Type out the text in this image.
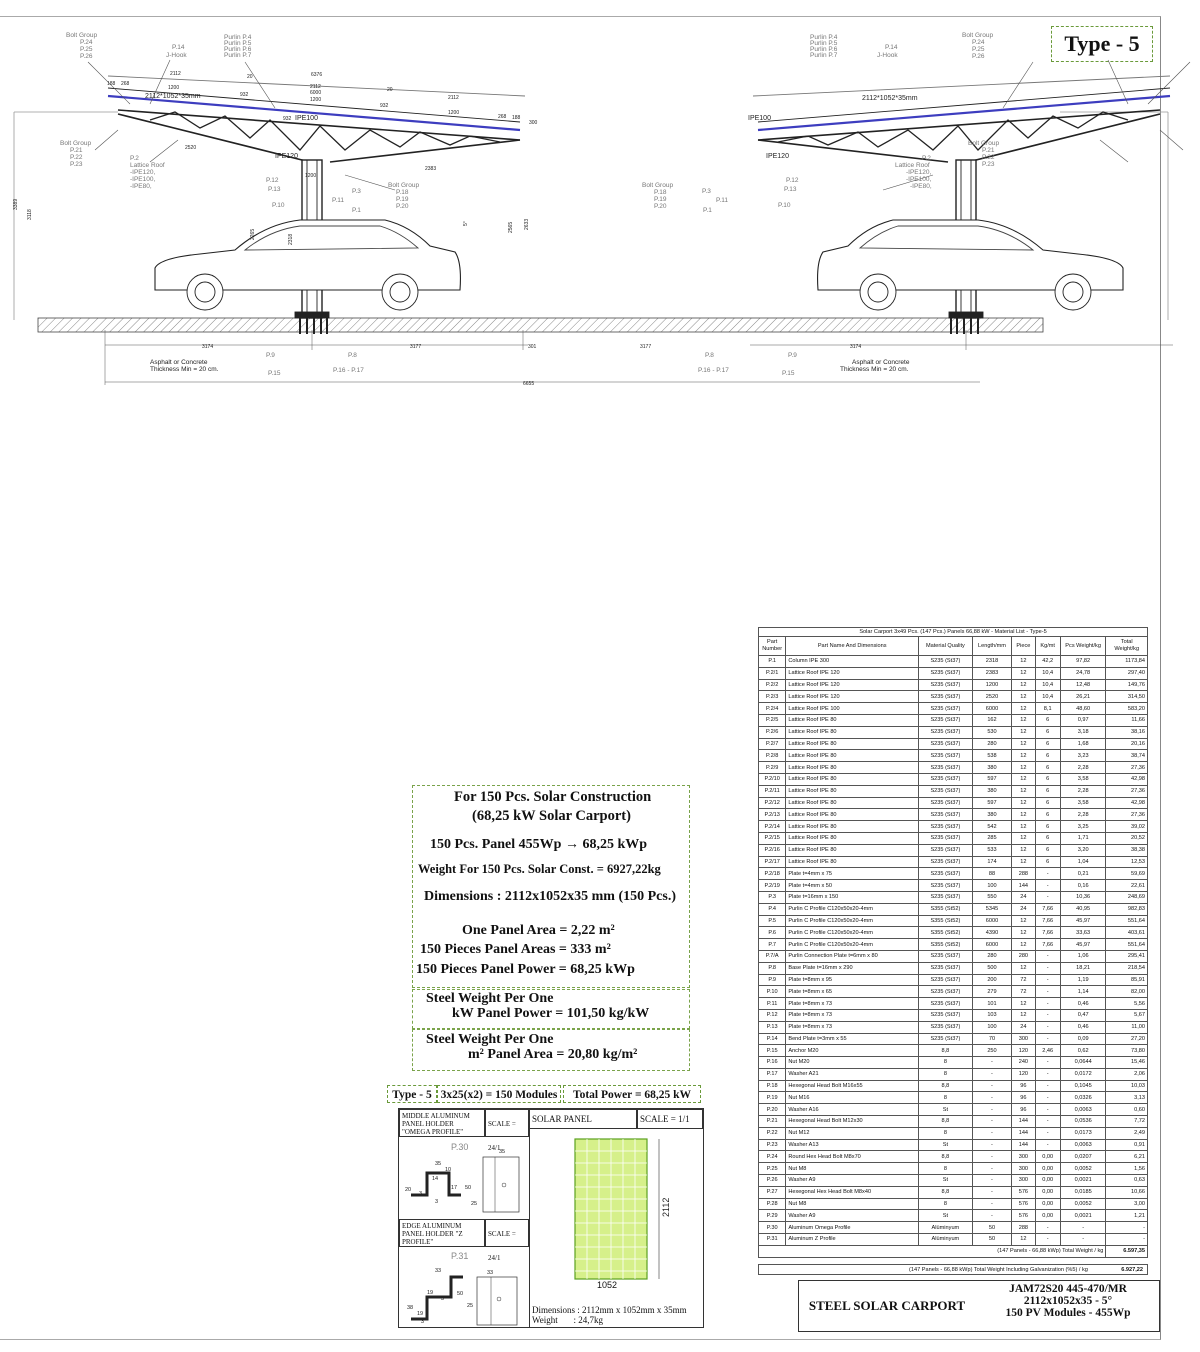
Type - 5
Bolt Group P.24 P.25 P.26
Purlin P.4 Purlin P.5 Purlin P.6 Purlin P.7
P.14 J-Hook
Bolt Group P.21 P.22 P.23
P.2 Lattice Roof -IPE120, -IPE100, -IPE80,	Bolt Group P.18 P.19 P.20
P.12
P.13	P.3
P.1
P.11
P.10
P.9
P.15
P.8
P.16 - P.17
Asphalt or Concrete Thickness Min = 20 cm.
2112*1052*35mm
IPE100
IPE120
6376
2112
2112
1200
2112
6000
1200
1200
932
932
932
20
20
268
188
268 188
300
2520
2383
1200
3118
3389
2318
2633
2565
2265
5°
3174	3177	301	3177	3174
6655
Bolt Group P.24 P.25 P.26
Purlin P.4 Purlin P.5 Purlin P.6 Purlin P.7
P.14 J-Hook
Bolt Group P.21 P.22 P.23
P.2 Lattice Roof -IPE120, -IPE100, -IPE80,
Bolt Group P.18 P.19 P.20
P.12
P.13
P.3
P.1
P.11
P.10
P.8	P.9
P.16 - P.17	P.15
Asphalt or Concrete Thickness Min = 20 cm.
2112*1052*35mm
IPE100
IPE120
For 150 Pcs. Solar Construction
(68,25 kW Solar Carport)
150 Pcs. Panel 455Wp → 68,25 kWp
Weight For 150 Pcs. Solar Const. = 6927,22kg
Dimensions : 2112x1052x35 mm (150 Pcs.)
One Panel Area = 2,22 m²
150 Pieces Panel Areas = 333 m²
150 Pieces Panel Power = 68,25 kWp
Steel Weight Per One
kW Panel Power = 101,50 kg/kW
Steel Weight Per One
m² Panel Area = 20,80 kg/m²
Type - 5 3x25(x2) = 150 Modules	Total Power = 68,25 kW
MIDDLE ALUMINUM PANEL HOLDER "OMEGA PROFILE"
SCALE = 24/1
EDGE ALUMINUM PANEL HOLDER "Z PROFILE"
SCALE = 24/1
SOLAR PANEL	SCALE = 1/1
P.30
35
35
10
14
20
3
17 50
3	25
P.31
33	33
19
3
38
19
3
50
25
2112
1052
Dimensions : 2112mm x 1052mm x 35mm
Weight       : 24,7kg
Solar Carport 3x49 Pcs. (147 Pcs.) Panels 66,88 kW - Material List - Type-5
Part Number	Part Name And Dimensions	Material Quality	Length/mm	Piece	Kg/mt	Pcs Weight/kg	Total Weight/kg
P.1	Column IPE 300	S235 (St37)	2318	12	42,2	97,82	1173,84
P.2/1	Lattice Roof IPE 120	S235 (St37)	2383	12	10,4	24,78	297,40
P.2/2	Lattice Roof IPE 120	S235 (St37)	1200	12	10,4	12,48	149,76
P.2/3	Lattice Roof IPE 120	S235 (St37)	2520	12	10,4	26,21	314,50
P.2/4	Lattice Roof IPE 100	S235 (St37)	6000	12	8,1	48,60	583,20
P.2/5	Lattice Roof IPE 80	S235 (St37)	162	12	6	0,97	11,66
P.2/6	Lattice Roof IPE 80	S235 (St37)	530	12	6	3,18	38,16
P.2/7	Lattice Roof IPE 80	S235 (St37)	280	12	6	1,68	20,16
P.2/8	Lattice Roof IPE 80	S235 (St37)	538	12	6	3,23	38,74
P.2/9	Lattice Roof IPE 80	S235 (St37)	380	12	6	2,28	27,36
P.2/10	Lattice Roof IPE 80	S235 (St37)	597	12	6	3,58	42,98
P.2/11	Lattice Roof IPE 80	S235 (St37)	380	12	6	2,28	27,36
P.2/12	Lattice Roof IPE 80	S235 (St37)	597	12	6	3,58	42,98
P.2/13	Lattice Roof IPE 80	S235 (St37)	380	12	6	2,28	27,36
P.2/14	Lattice Roof IPE 80	S235 (St37)	542	12	6	3,25	39,02
P.2/15	Lattice Roof IPE 80	S235 (St37)	285	12	6	1,71	20,52
P.2/16	Lattice Roof IPE 80	S235 (St37)	533	12	6	3,20	38,38
P.2/17	Lattice Roof IPE 80	S235 (St37)	174	12	6	1,04	12,53
P.2/18	Plate t=4mm x 75	S235 (St37)	88	288	-	0,21	59,69
P.2/19	Plate t=4mm x 50	S235 (St37)	100	144	-	0,16	22,61
P.3	Plate t=16mm x 150	S235 (St37)	550	24	-	10,36	248,69
P.4	Purlin C Profile C120x50x20-4mm	S355 (St52)	5345	24	7,66	40,95	982,83
P.5	Purlin C Profile C120x50x20-4mm	S355 (St52)	6000	12	7,66	45,97	551,64
P.6	Purlin C Profile C120x50x20-4mm	S355 (St52)	4390	12	7,66	33,63	403,61
P.7	Purlin C Profile C120x50x20-4mm	S355 (St52)	6000	12	7,66	45,97	551,64
P.7/A	Purlin Connection Plate t=6mm x 80	S235 (St37)	280	280	-	1,06	295,41
P.8	Base Plate t=16mm x 290	S235 (St37)	500	12	-	18,21	218,54
P.9	Plate t=8mm x 95	S235 (St37)	200	72	-	1,19	85,91
P.10	Plate t=8mm x 65	S235 (St37)	279	72	-	1,14	82,00
P.11	Plate t=8mm x 73	S235 (St37)	101	12	-	0,46	5,56
P.12	Plate t=8mm x 73	S235 (St37)	103	12	-	0,47	5,67
P.13	Plate t=8mm x 73	S235 (St37)	100	24	-	0,46	11,00
P.14	Bend Plate t=3mm x 55	S235 (St37)	70	300	-	0,09	27,20
P.15	Anchor M20	8,8	250	120	2,46	0,62	73,80
P.16	Nut M20	8	-	240	-	0,0644	15,46
P.17	Washer A21	8	-	120	-	0,0172	2,06
P.18	Hexegonal Head Bolt M16x55	8,8	-	96	-	0,1045	10,03
P.19	Nut M16	8	-	96	-	0,0326	3,13
P.20	Washer A16	St	-	96	-	0,0063	0,60
P.21	Hexegonal Head Bolt M12x30	8,8	-	144	-	0,0536	7,72
P.22	Nut M12	8	-	144	-	0,0173	2,49
P.23	Washer A13	St	-	144	-	0,0063	0,91
P.24	Round Hex Head Bolt M8x70	8,8	-	300	0,00	0,0207	6,21
P.25	Nut M8	8	-	300	0,00	0,0052	1,56
P.26	Washer A9	St	-	300	0,00	0,0021	0,63
P.27	Hexegonal Hex Head Bolt M8x40	8,8	-	576	0,00	0,0185	10,66
P.28	Nut M8	8	-	576	0,00	0,0052	3,00
P.29	Washer A9	St	-	576	0,00	0,0021	1,21
P.30	Aluminum Omega Profile	Alüminyum	50	288	-	-	-
P.31	Aluminum Z Profile	Alüminyum	50	12	-	-	-
(147 Panels - 66,88 kWp) Total Weight / kg							6.597,35
(147 Panels - 66,88 kWp) Total Weight Including Galvanization (%5) / kg	6.927,22
STEEL SOLAR CARPORT
JAM72S20 445-470/MR
2112x1052x35 - 5°
150 PV Modules - 455Wp
